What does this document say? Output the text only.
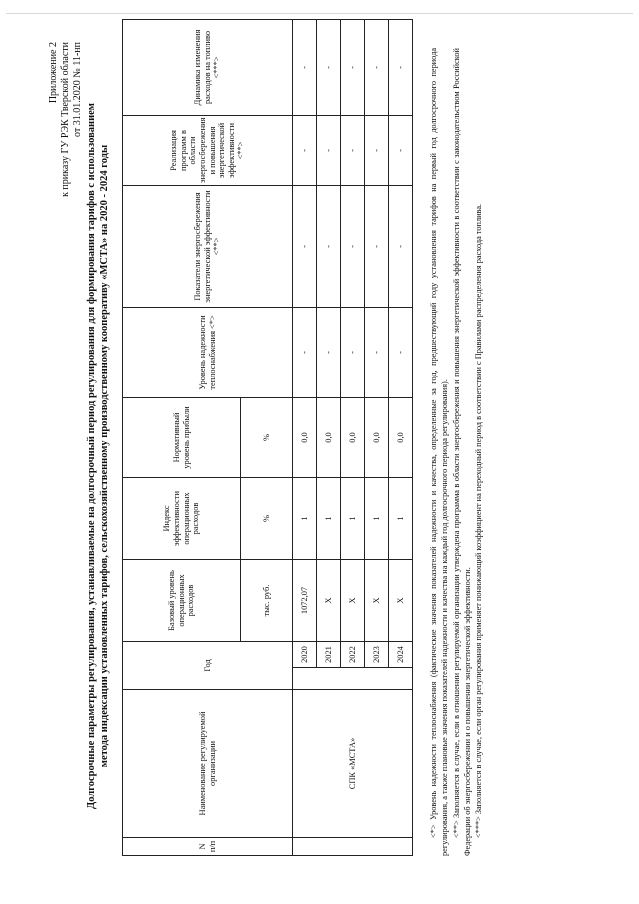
Приложение 2 к приказу ГУ РЭК Тверской области от 31.01.2020 № 11-нп
Долгосрочные параметры регулирования, устанавливаемые на долгосрочный период регулирования для формирования тарифов с использованием метода индексации установленных тарифов, сельскохозяйственному производственному кооперативу «МСТА» на 2020 - 2024 годы
N п/п	Наименование регулируемой организации	Год		Базовый уровень операционных расходов	Индекс эффективности операционных расходов	Нормативный уровень прибыли	Уровень надежности теплоснабжения <*>	Показатели энергосбережения энергетической эффективности <**>	Реализация программ в области энергосбережения и повышения энергетической эффективности <**>	Динамика изменения расходов на топливо <***>
				тыс. руб.	%	%				
	СПК «МСТА»		2020	1072,07	1	0,0	-	-	-	-
			2021	X	1	0,0	-	-	-	-
			2022	X	1	0,0	-	-	-	-
			2023	X	1	0,0	-	-	-	-
			2024	X	1	0,0	-	-	-	-	<*> Уровень надежности теплоснабжения (фактические значения показателей надежности и качества, определенные за год, предшествующий году установления тарифов на первый год долгосрочного периода регулирования, а также плановые значения показателей надежности и качества на каждый год долгосрочного периода регулирования). <**> Заполняется в случае, если в отношении регулируемой организации утверждена программа в области энергосбережения и повышения энергетической эффективности в соответствии с законодательством Российской Федерации об энергосбережении и о повышении энергетической эффективности. <***> Заполняется в случае, если орган регулирования применяет понижающий коэффициент на переходный период в соответствии с Правилами распределения расхода топлива.
